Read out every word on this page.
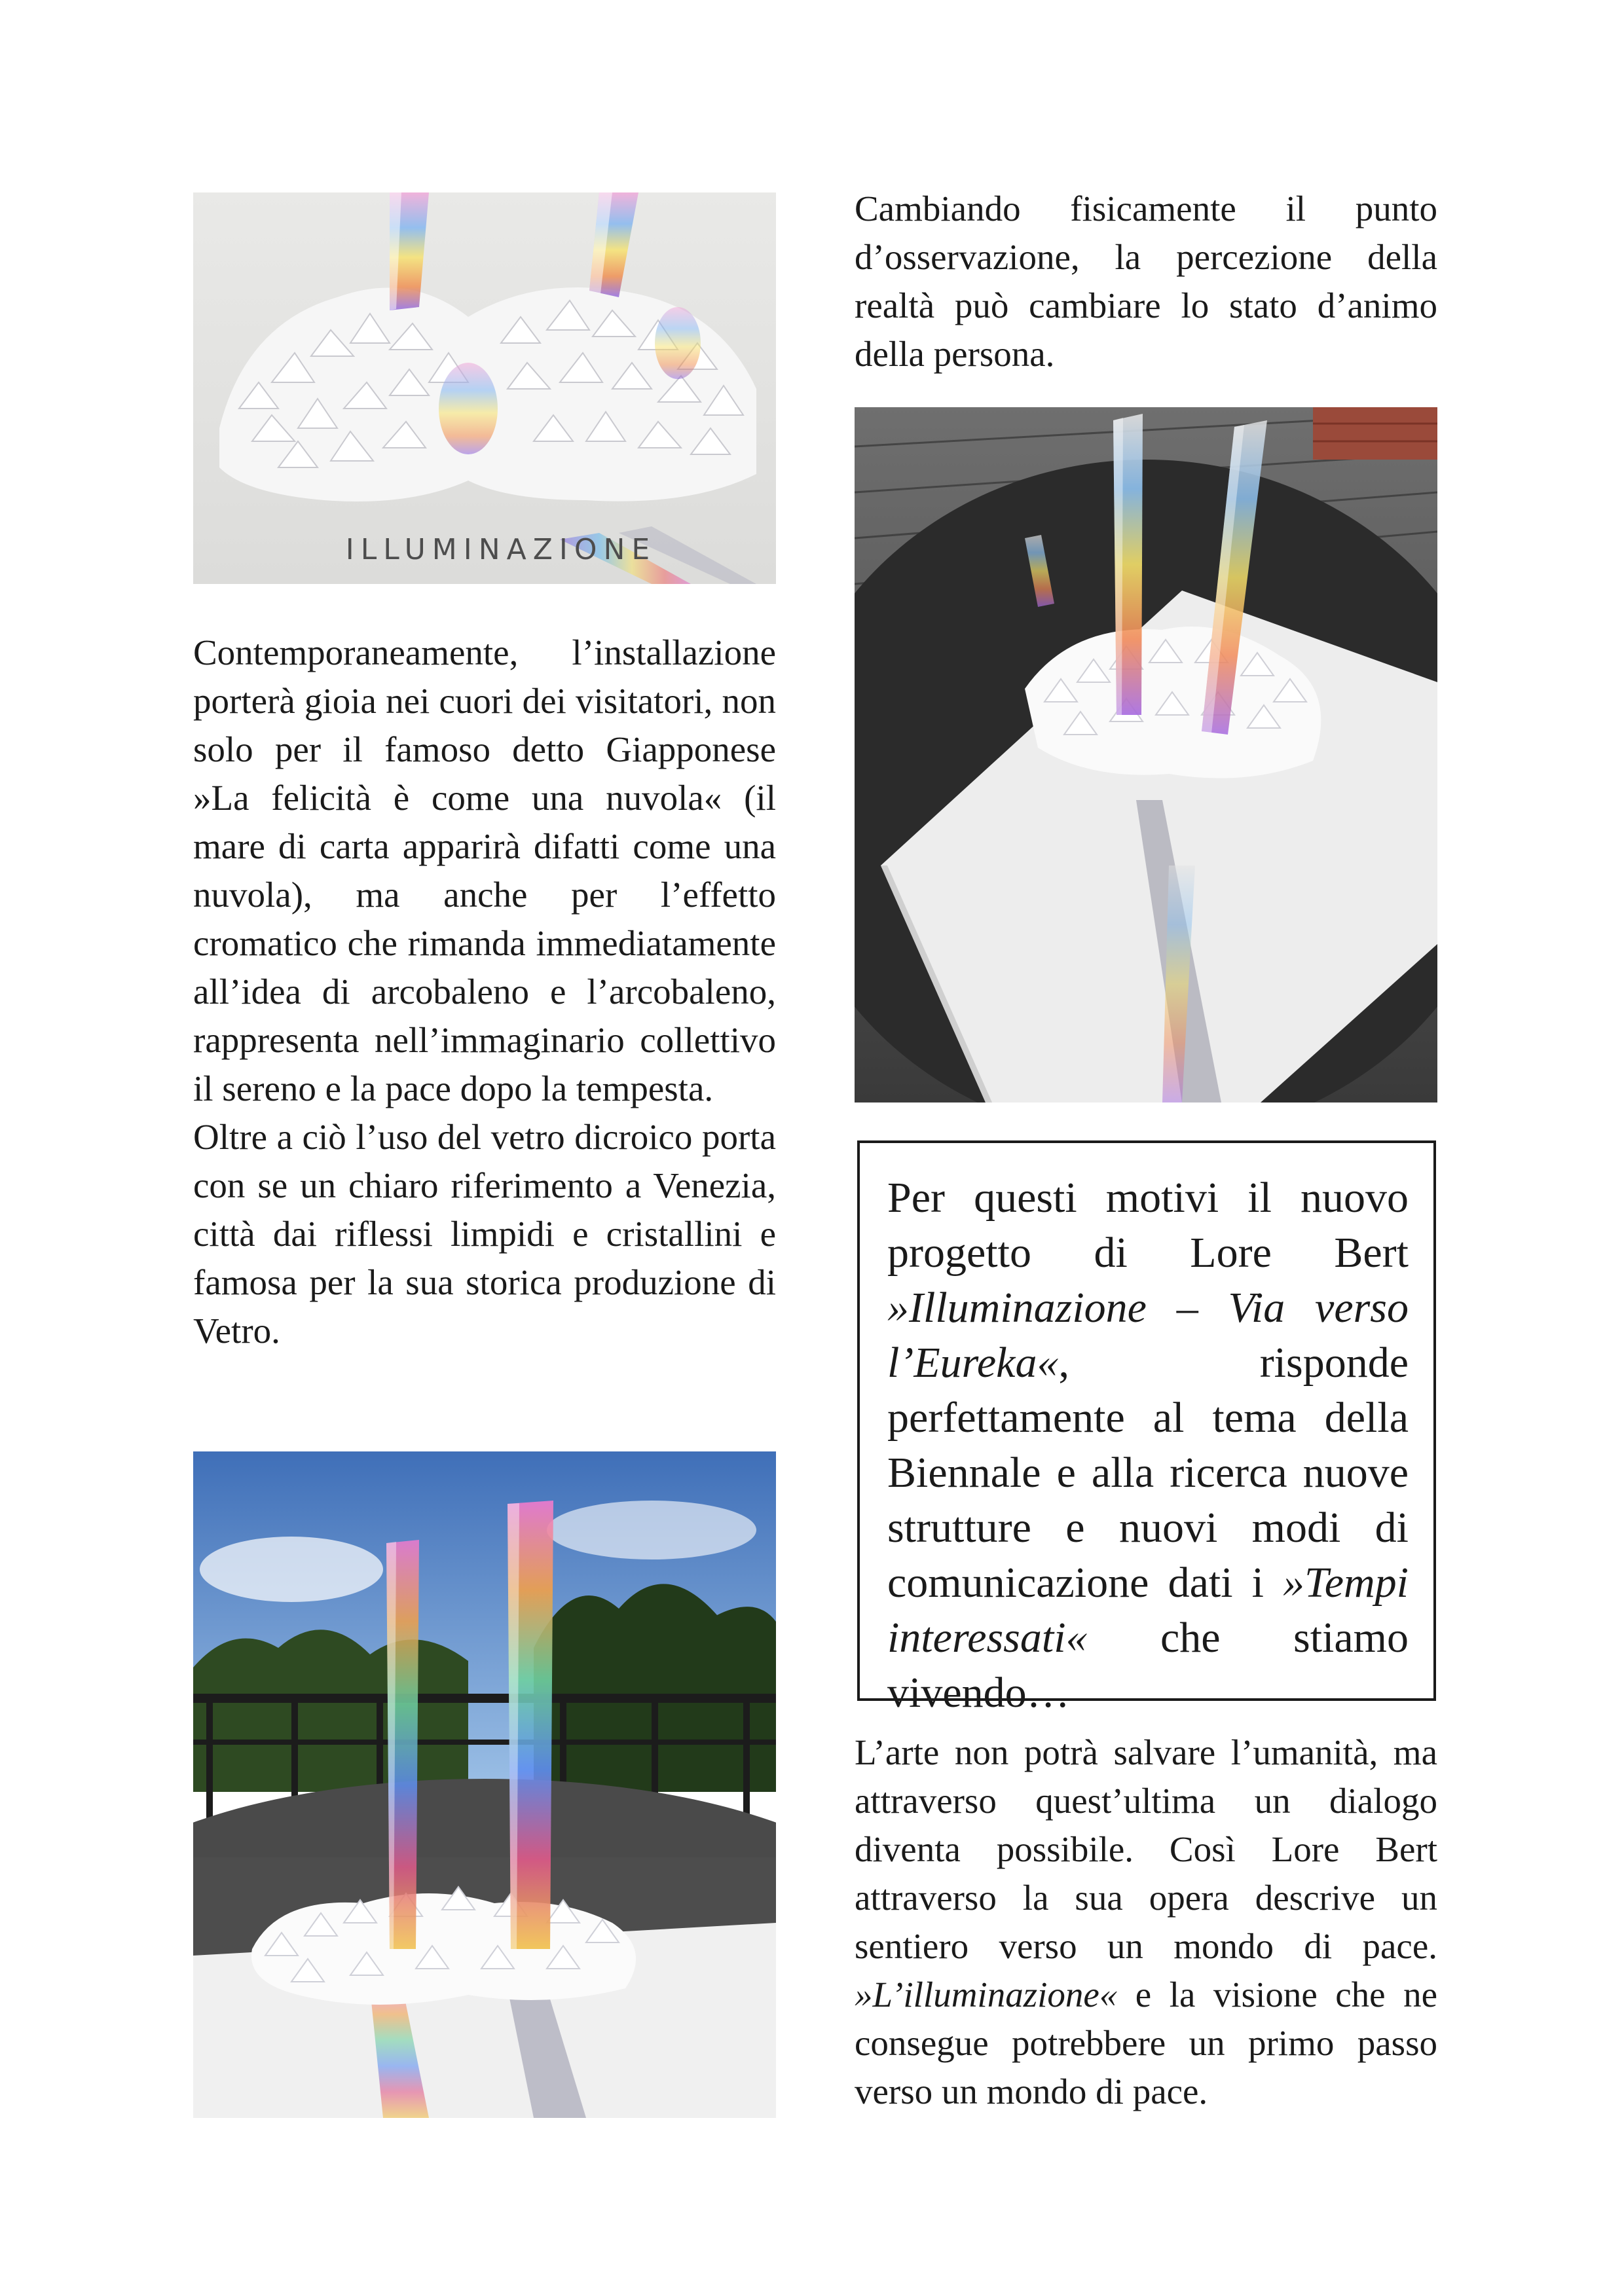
ILLUMINAZIONE

Cambiando fisicamente il punto d’osservazione, la percezione della realtà può cambiare lo stato d’animo della persona.

Contemporaneamente, l’installazione porterà gioia nei cuori dei visitatori, non solo per il famoso detto Giapponese »La felicità è come una nuvola« (il mare di carta apparirà difatti come una nuvola), ma anche per l’effetto cromatico che rimanda immediatamente all’idea di arcobaleno e l’arcobaleno, rappresenta nell’immaginario collettivo il sereno e la pace dopo la tempesta.

Oltre a ciò l’uso del vetro dicroico porta con se un chiaro riferimento a Venezia, città dai riflessi limpidi e cristallini e famosa per la sua storica produzione di Vetro.

Per questi motivi il nuovo progetto di Lore Bert »Illuminazione – Via verso l’Eureka«, risponde perfettamente al tema della Biennale e alla ricerca nuove strutture e nuovi modi di comunicazione dati i »Tempi interessati« che stiamo vivendo…

L’arte non potrà salvare l’umanità, ma attraverso quest’ultima un dialogo diventa possibile. Così Lore Bert attraverso la sua opera descrive un sentiero verso un mondo di pace. »L’illuminazione« e la visione che ne consegue potrebbere un primo passo verso un mondo di pace.
